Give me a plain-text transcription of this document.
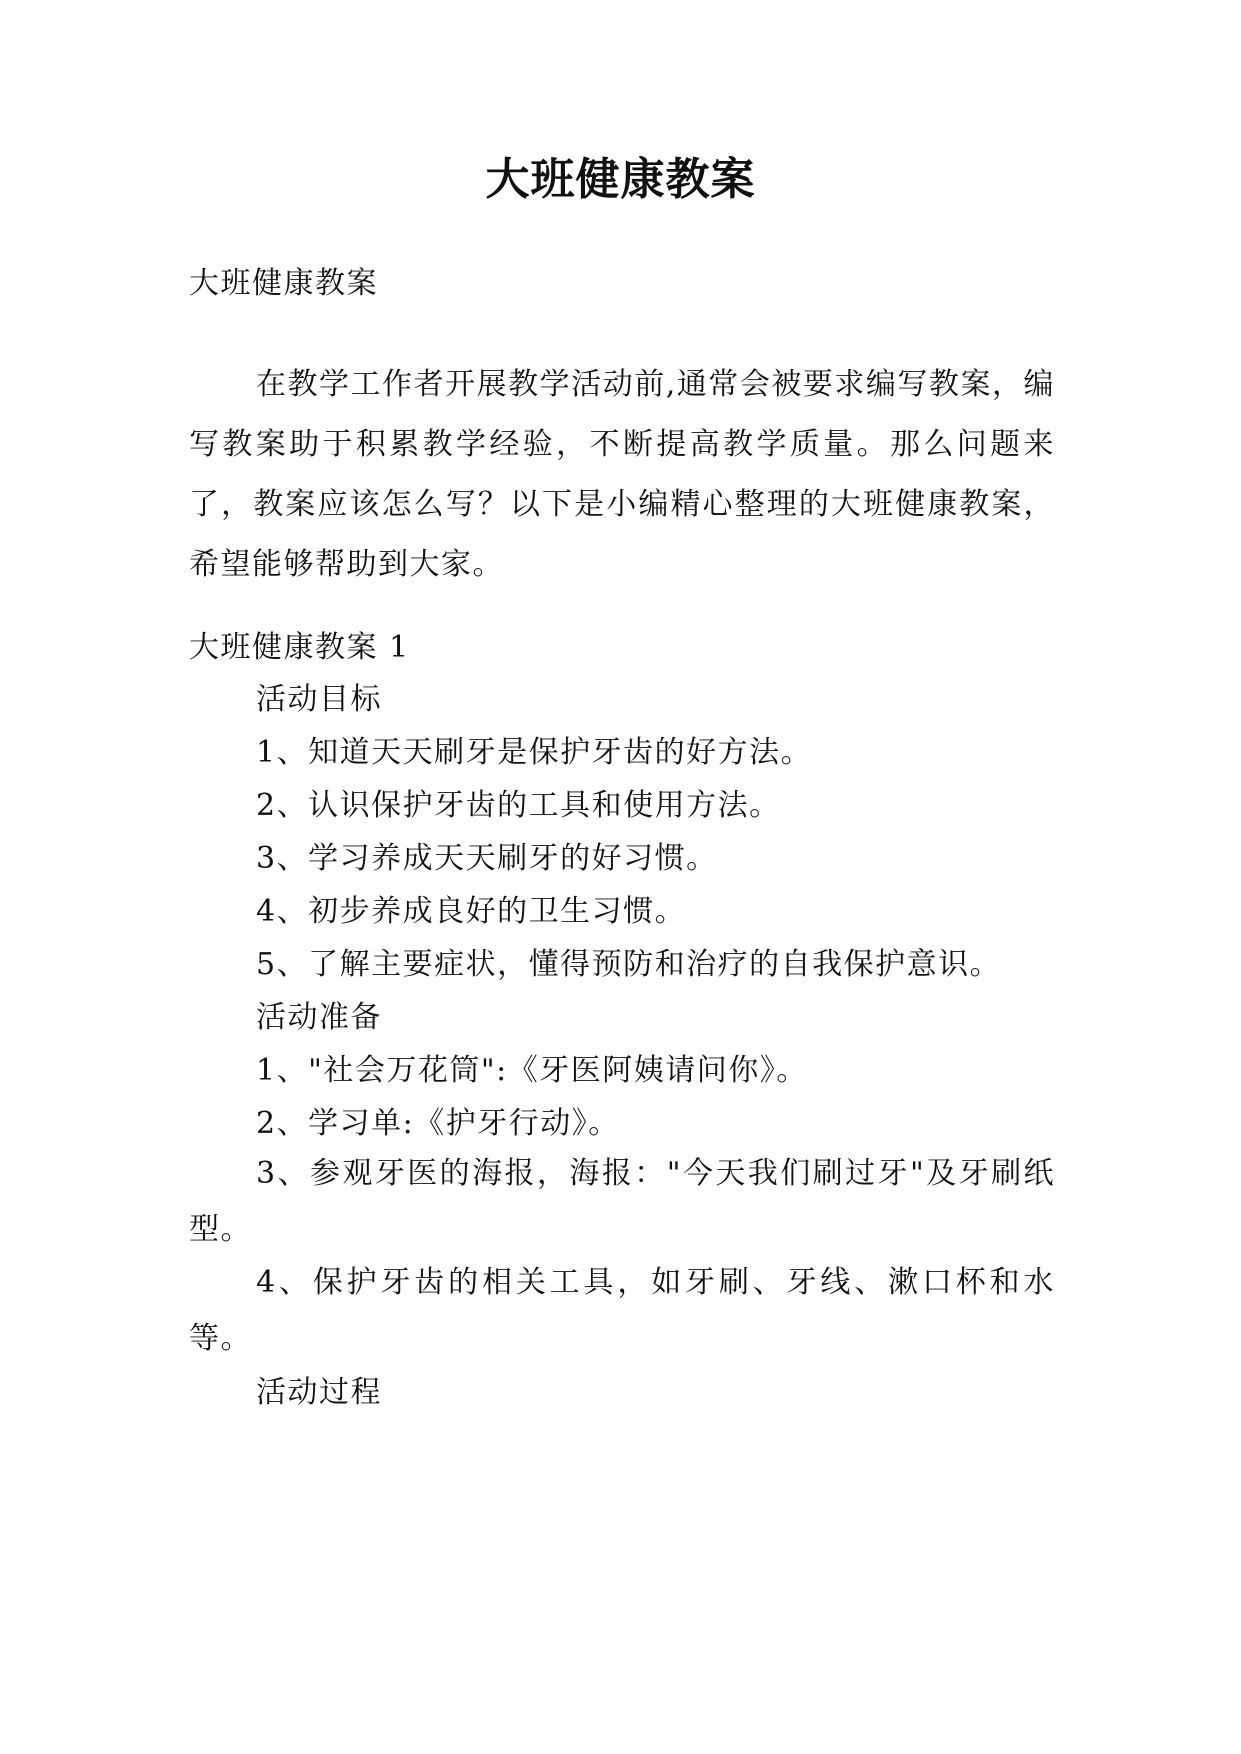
大班健康教案
大班健康教案
在教学工作者开展教学活动前,通常会被要求编写教案，编写教案助于积累教学经验，不断提高教学质量。那么问题来了，教案应该怎么写？以下是小编精心整理的大班健康教案，希望能够帮助到大家。
大班健康教案 1
活动目标
1、知道天天刷牙是保护牙齿的好方法。
2、认识保护牙齿的工具和使用方法。
3、学习养成天天刷牙的好习惯。
4、初步养成良好的卫生习惯。
5、了解主要症状，懂得预防和治疗的自我保护意识。
活动准备
1、"社会万花筒":《牙医阿姨请问你》。
2、学习单:《护牙行动》。
3、参观牙医的海报，海报："今天我们刷过牙"及牙刷纸型。
4、保护牙齿的相关工具，如牙刷、牙线、漱口杯和水等。
活动过程
